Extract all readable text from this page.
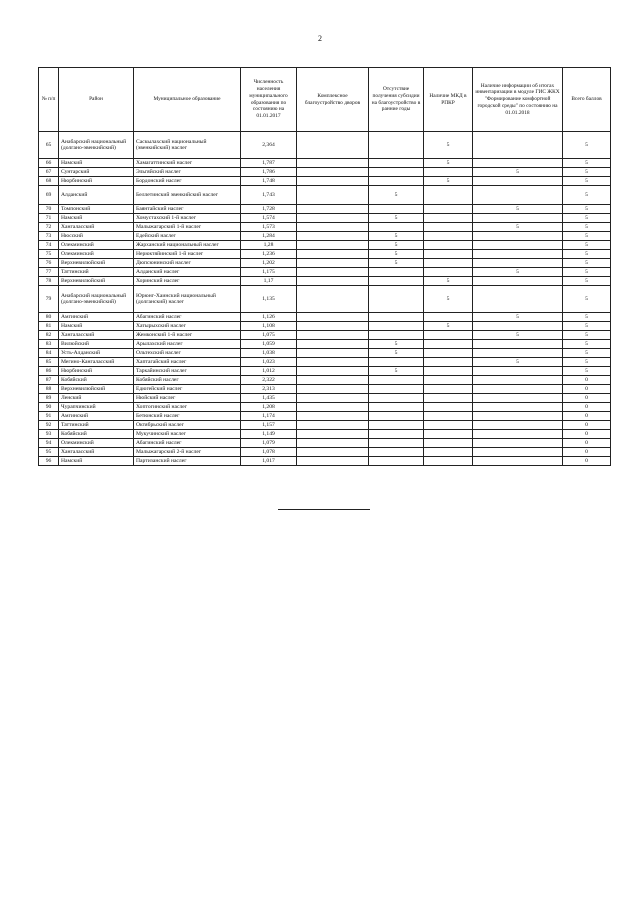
2
№ п/п	Район	Муниципальное образование	Численность населения муниципального образования по состоянию на 01.01.2017	Комплексное благоустройство дворов	Отсутствие получения субсидии на благоустройство в ранние годы	Наличие МКД в РПКР	Наличие информации об итогах инвентаризации в модуле ГИС ЖКХ "Формирование комфортной городской среды" по состоянию на 01.01.2018	Всего баллов
65	Анабарский национальный (долгано-эвенкийский)	Саскылахский национальный (эвенкийский) наслег	2,364			5		5
66	Намский	Хамагаттинский наслег	1,787			5		5
67	Сунтарский	Эльгяйский наслег	1,786				5	5
68	Нюрбинский	Бордонский наслег	1,748			5		5
69	Алданский	Беллетинский эвенкийский наслег	1,743		5			5
70	Томпонский	Баянтайский наслег	1,728				5	5
71	Намский	Хомустахский 1-й наслег	1,574		5			5
72	Хангаласский	Малыжагарский 1-й наслег	1,573				5	5
73	Нюсский	Едейский наслег	1,284		5			5
74	Олекминский	Жарханский национальный наслег	1,28		5			5
75	Олекминский	Нерюктяйинский 1-й наслег	1,236		5			5
76	Верхневилюйский	Дюпсюнинский наслег	1,202		5			5
77	Таттинский	Алданский наслег	1,175				5	5
78	Верхневилюйский	Хоринский наслег	1,17			5		5
79	Анабарский национальный (долгано-эвенкийский)	Юрюнг-Хаинский национальный (долганский) наслег	1,135			5		5
80	Амгинский	Абагинский наслег	1,126				5	5
81	Намский	Хатырыхский наслег	1,108			5		5
82	Хангаласский	Жемконский 1-й наслег	1,075				5	5
83	Вилюйский	Арылахский наслег	1,059		5			5
84	Усть-Алданский	Ольтехский наслег	1,038		5			5
85	Мегино-Кангаласский	Хаптагайский наслег	1,023				5	5
86	Нюрбинский	Таркайинский наслег	1,012		5			5
87	Кобяйский	Кобяйский наслег	2,322					0
88	Верхневилюйский	Едюгейский наслег	2,313					0
89	Ленский	Нюйский наслег	1,435					0
90	Чурапчинский	Хоптогинский наслег	1,208					0
91	Амгинский	Бетюнский наслег	1,174					0
92	Таттинский	Октябрьский наслег	1,157					0
93	Кобяйский	Мукучинский наслег	1,149					0
94	Олекминский	Абагинский наслег	1,079					0
95	Хангаласский	Малыжагарский 2-й наслег	1,078					0
96	Намский	Партизанский наслег	1,017					0
